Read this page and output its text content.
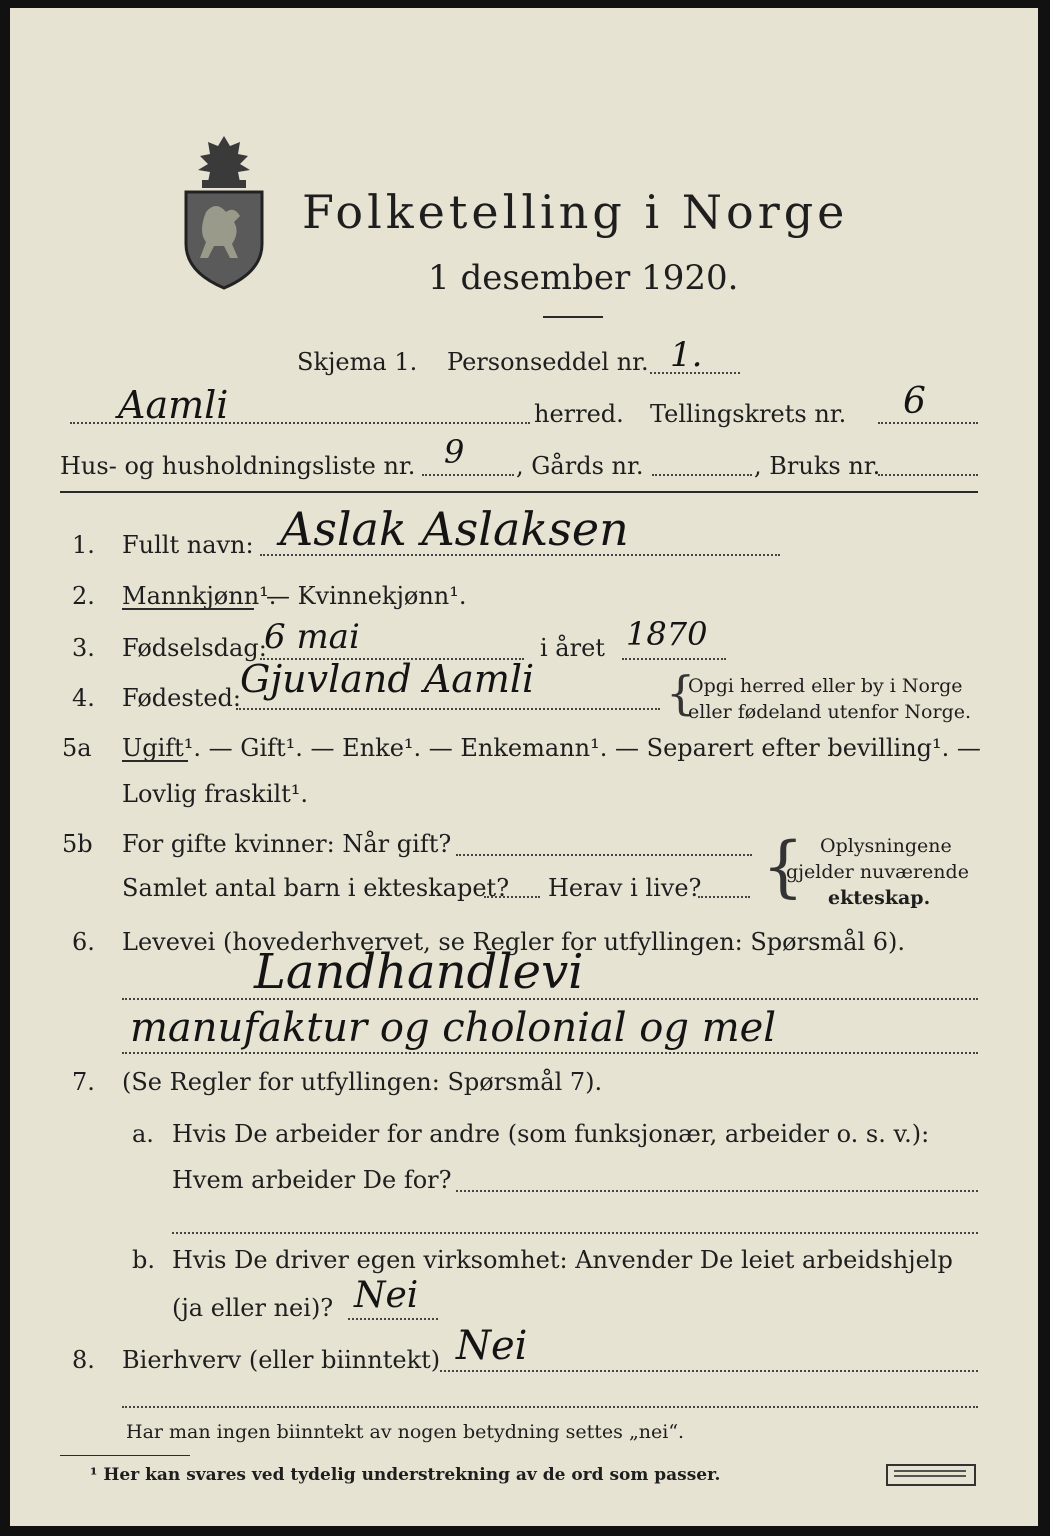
Folketelling i Norge
1 desember 1920.
Skjema 1. Personseddel nr. 1.
Aamli	herred. Tellingskrets nr. 6
Hus- og husholdningsliste nr. 9 , Gårds nr.	, Bruks nr.
1. Fullt navn: Aslak Aslaksen
2. Mannkjønn¹.
— Kvinnekjønn¹.
3. Fødselsdag:
6 mai	i året 1870
4. Fødested: Gjuvland Aamli	{
Opgi herred eller by i Norge
eller fødeland utenfor Norge.
5a Ugift¹. — Gift¹. — Enke¹. — Enkemann¹. — Separert efter bevilling¹. —
Lovlig fraskilt¹.
5b For gifte kvinner: Når gift?
Samlet antal barn i ekteskapet? Herav i live? { Oplysningene
gjelder nuværende
ekteskap.
6. Levevei (hovederhvervet, se Regler for utfyllingen: Spørsmål 6).
Landhandlevi
manufaktur og cholonial og mel
7. (Se Regler for utfyllingen: Spørsmål 7).
a. Hvis De arbeider for andre (som funksjonær, arbeider o. s. v.):
Hvem arbeider De for?
b. Hvis De driver egen virksomhet: Anvender De leiet arbeidshjelp
(ja eller nei)? Nei
8. Bierhverv (eller biinntekt) Nei
Har man ingen biinntekt av nogen betydning settes „nei“.
¹ Her kan svares ved tydelig understrekning av de ord som passer.
